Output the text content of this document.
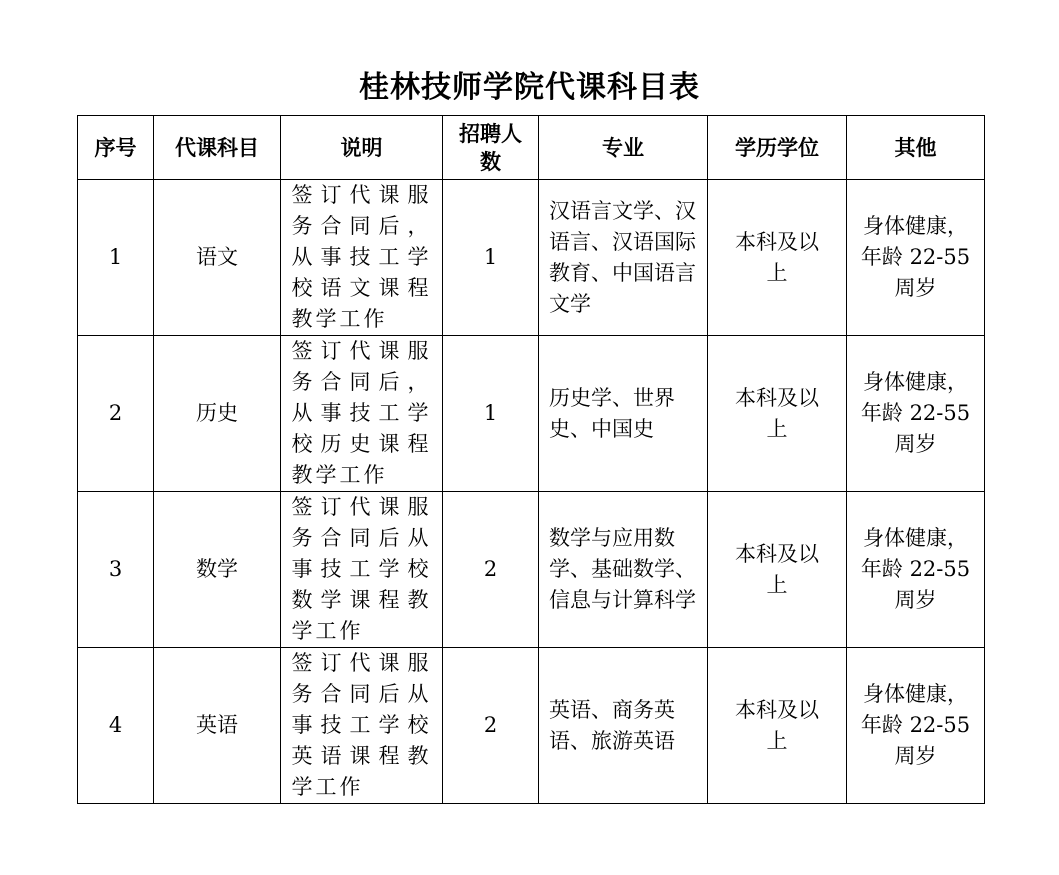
桂林技师学院代课科目表
序号	代课科目	说明	招聘人数	专业	学历学位	其他
1	语文	签订代课服务合同后，从事技工学校语文课程教学工作	1	汉语言文学、汉语言、汉语国际教育、中国语言文学	本科及以上	身体健康，年龄 22-55 周岁

2	历史	签订代课服务合同后，从事技工学校历史课程教学工作	1	历史学、世界史、中国史	本科及以上	身体健康，年龄 22-55 周岁

3	数学	签订代课服务合同后从事技工学校数学课程教学工作	2	数学与应用数学、基础数学、信息与计算科学	本科及以上	身体健康，年龄 22-55 周岁

4	英语	签订代课服务合同后从事技工学校英语课程教学工作	2	英语、商务英语、旅游英语	本科及以上	身体健康，年龄 22-55 周岁
